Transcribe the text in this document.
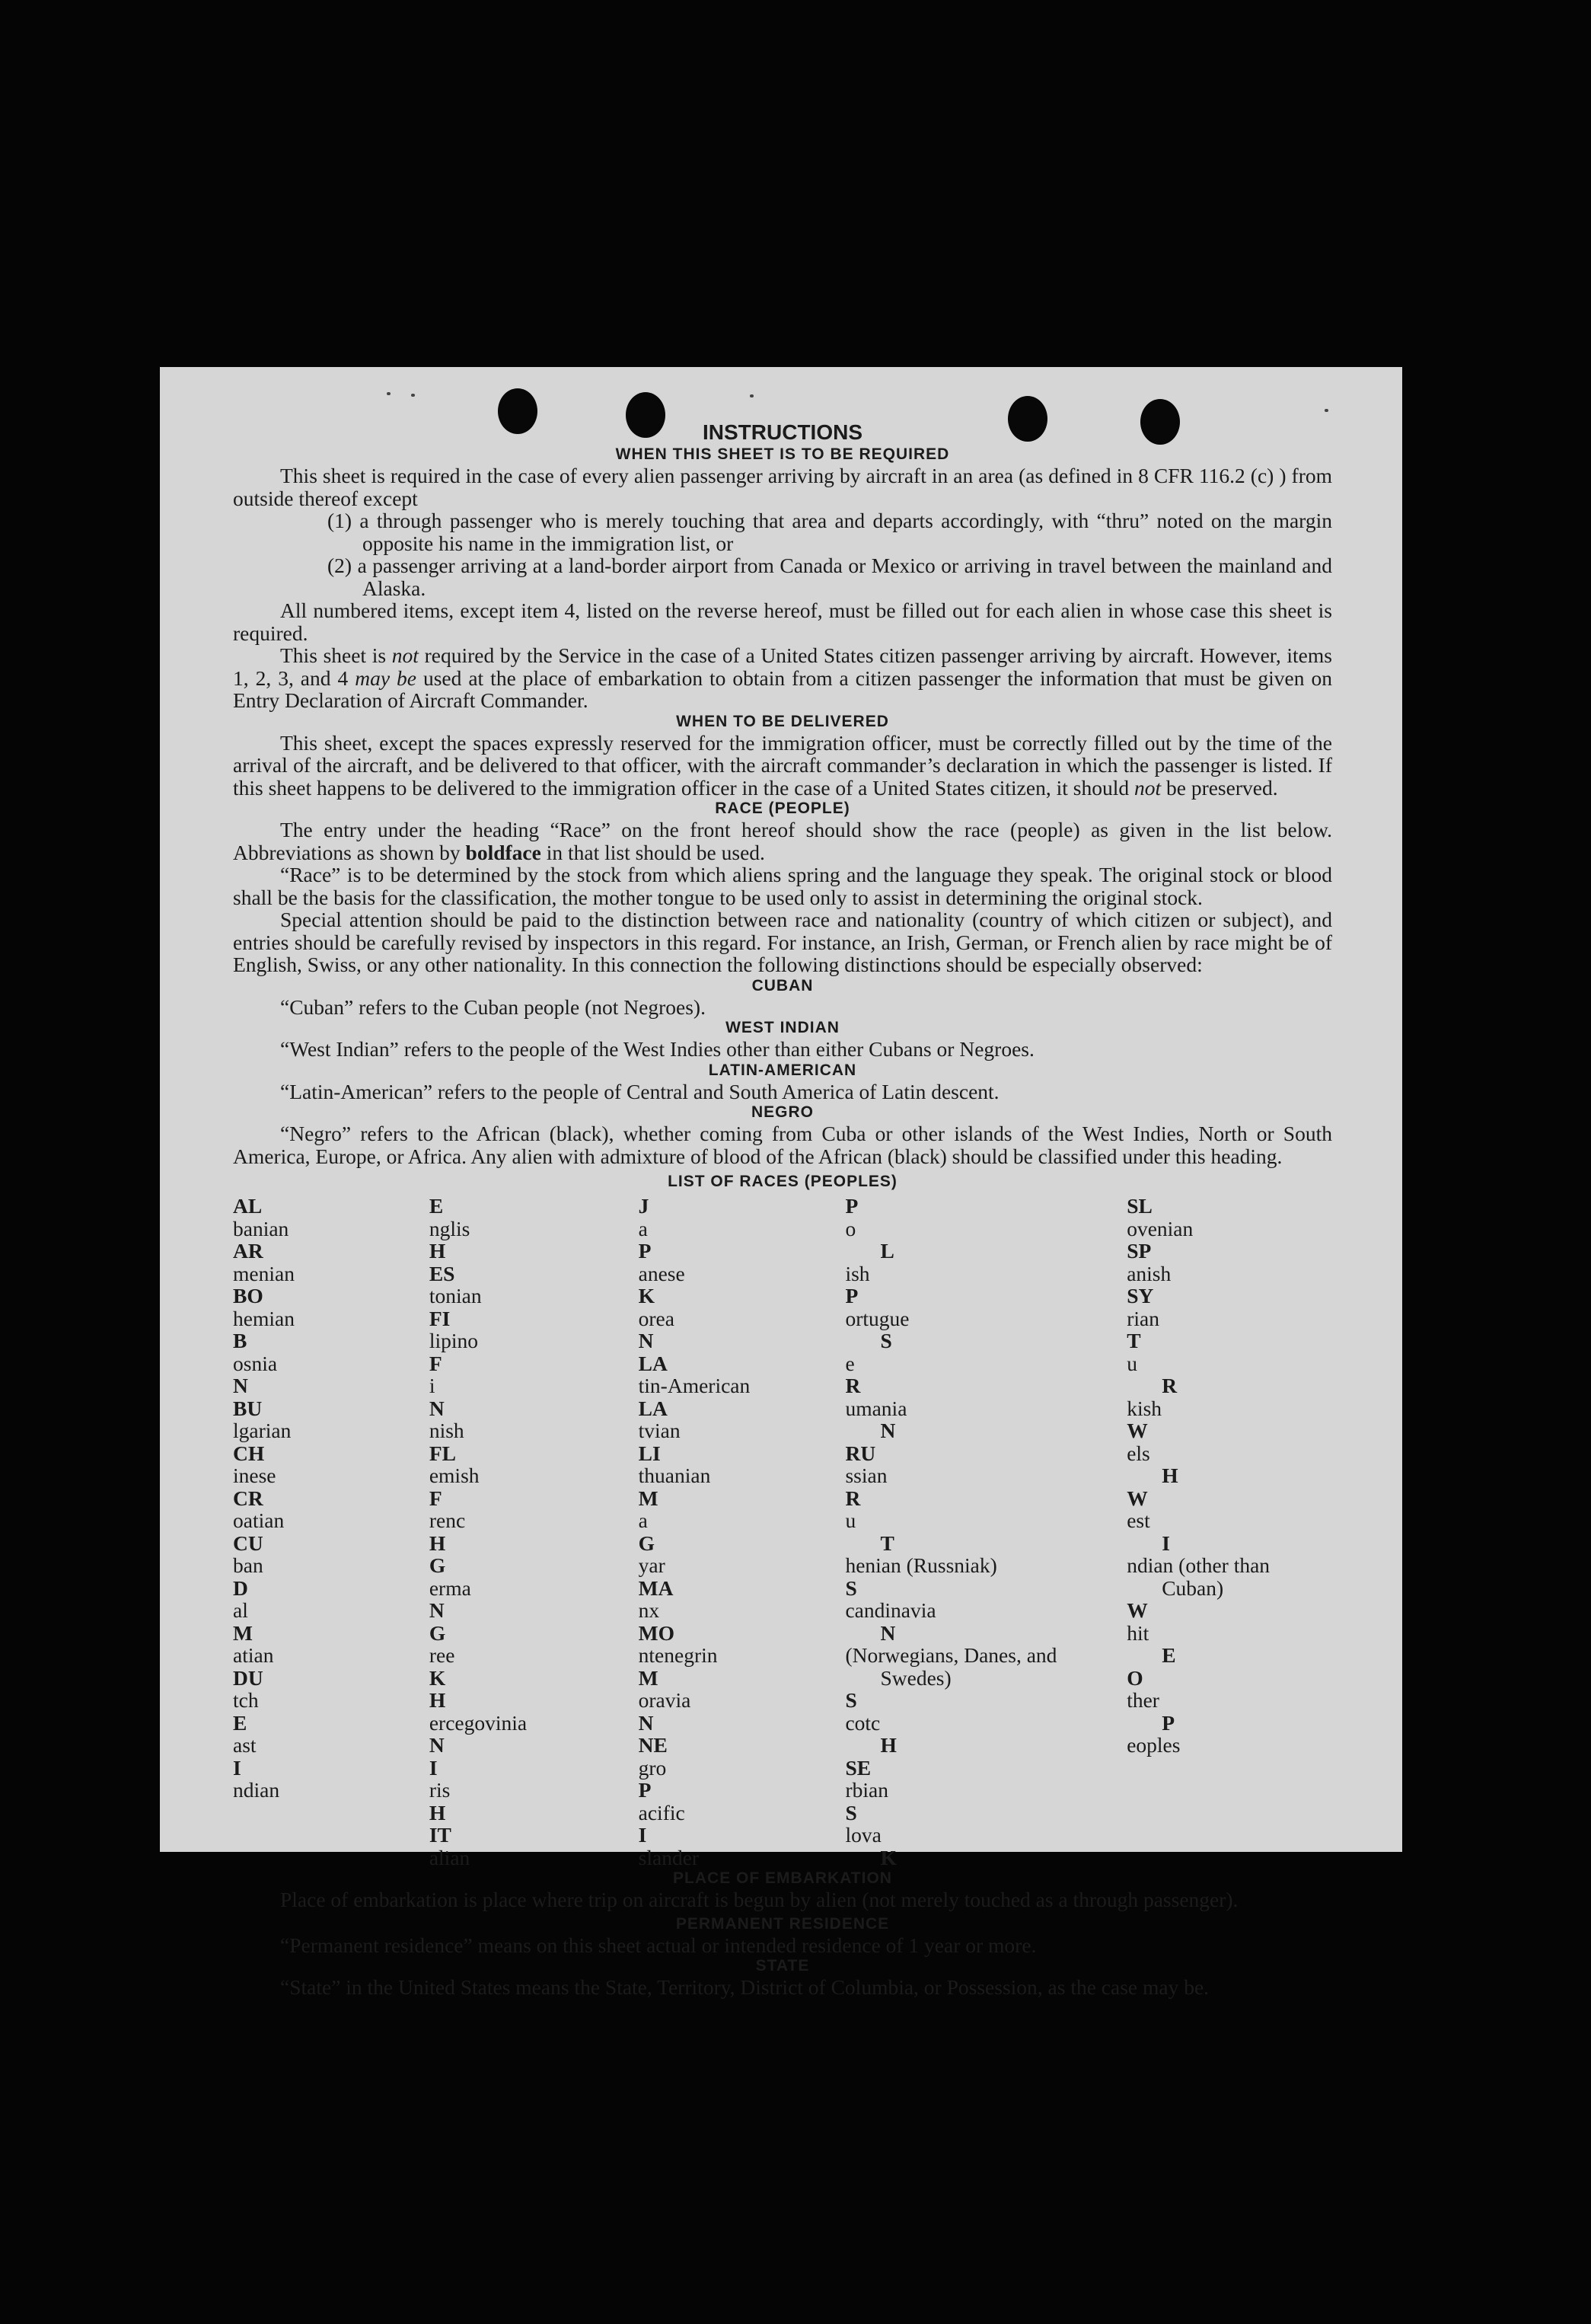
INSTRUCTIONS
WHEN THIS SHEET IS TO BE REQUIRED

This sheet is required in the case of every alien passenger arriving by aircraft in an area (as defined in 8 CFR 116.2 (c) ) from outside thereof except

(1) a through passenger who is merely touching that area and departs accordingly, with “thru” noted on the margin opposite his name in the immigration list, or
(2) a passenger arriving at a land-border airport from Canada or Mexico or arriving in travel between the mainland and Alaska.

All numbered items, except item 4, listed on the reverse hereof, must be filled out for each alien in whose case this sheet is required.

This sheet is not required by the Service in the case of a United States citizen passenger arriving by aircraft. However, items 1, 2, 3, and 4 may be used at the place of embarkation to obtain from a citizen passenger the information that must be given on Entry Declaration of Aircraft Commander.

WHEN TO BE DELIVERED

This sheet, except the spaces expressly reserved for the immigration officer, must be correctly filled out by the time of the arrival of the aircraft, and be delivered to that officer, with the aircraft commander’s declaration in which the passenger is listed. If this sheet happens to be delivered to the immigration officer in the case of a United States citizen, it should not be preserved.

RACE (PEOPLE)

The entry under the heading “Race” on the front hereof should show the race (people) as given in the list below. Abbreviations as shown by boldface in that list should be used.

“Race” is to be determined by the stock from which aliens spring and the language they speak. The original stock or blood shall be the basis for the classification, the mother tongue to be used only to assist in determining the original stock.

Special attention should be paid to the distinction between race and nationality (country of which citizen or subject), and entries should be carefully revised by inspectors in this regard. For instance, an Irish, German, or French alien by race might be of English, Swiss, or any other nationality. In this connection the following distinctions should be especially observed:

CUBAN

“Cuban” refers to the Cuban people (not Negroes).

WEST INDIAN

“West Indian” refers to the people of the West Indies other than either Cubans or Negroes.

LATIN-AMERICAN

“Latin-American” refers to the people of Central and South America of Latin descent.

NEGRO

“Negro” refers to the African (black), whether coming from Cuba or other islands of the West Indies, North or South America, Europe, or Africa. Any alien with admixture of blood of the African (black) should be classified under this heading.

LIST OF RACES (PEOPLES)
AL
banian
AR
menian
BO
hemian
B
osnia
N
BU
lgarian
CH
inese
CR
oatian
CU
ban
D
al
M
atian
DU
tch
E
ast
I
ndian
E
nglis
H
ES
tonian
FI
lipino
F
i
N
nish
FL
emish
F
renc
H
G
erma
N
G
ree
K
H
ercegovinia
N
I
ris
H
IT
alian
J
a
P
anese
K
orea
N
LA
tin-American
LA
tvian
LI
thuanian
M
a
G
yar
MA
nx
MO
ntenegrin
M
oravia
N
NE
gro
P
acific
I
slander
P
o
L
ish
P
ortugue
S
e
R
umania
N
RU
ssian
R
u
T
henian (Russniak)
S
candinavia
N
(Norwegians, Danes, and Swedes)
S
cotc
H
SE
rbian
S
lova
K
SL
ovenian
SP
anish
SY
rian
T
u
R
kish
W
els
H
W
est
I
ndian (other than Cuban)
W
hit
E
O
ther
P
eoples
PLACE OF EMBARKATION

Place of embarkation is place where trip on aircraft is begun by alien (not merely touched as a through passenger).

PERMANENT RESIDENCE

“Permanent residence” means on this sheet actual or intended residence of 1 year or more.

STATE

“State” in the United States means the State, Territory, District of Columbia, or Possession, as the case may be.
